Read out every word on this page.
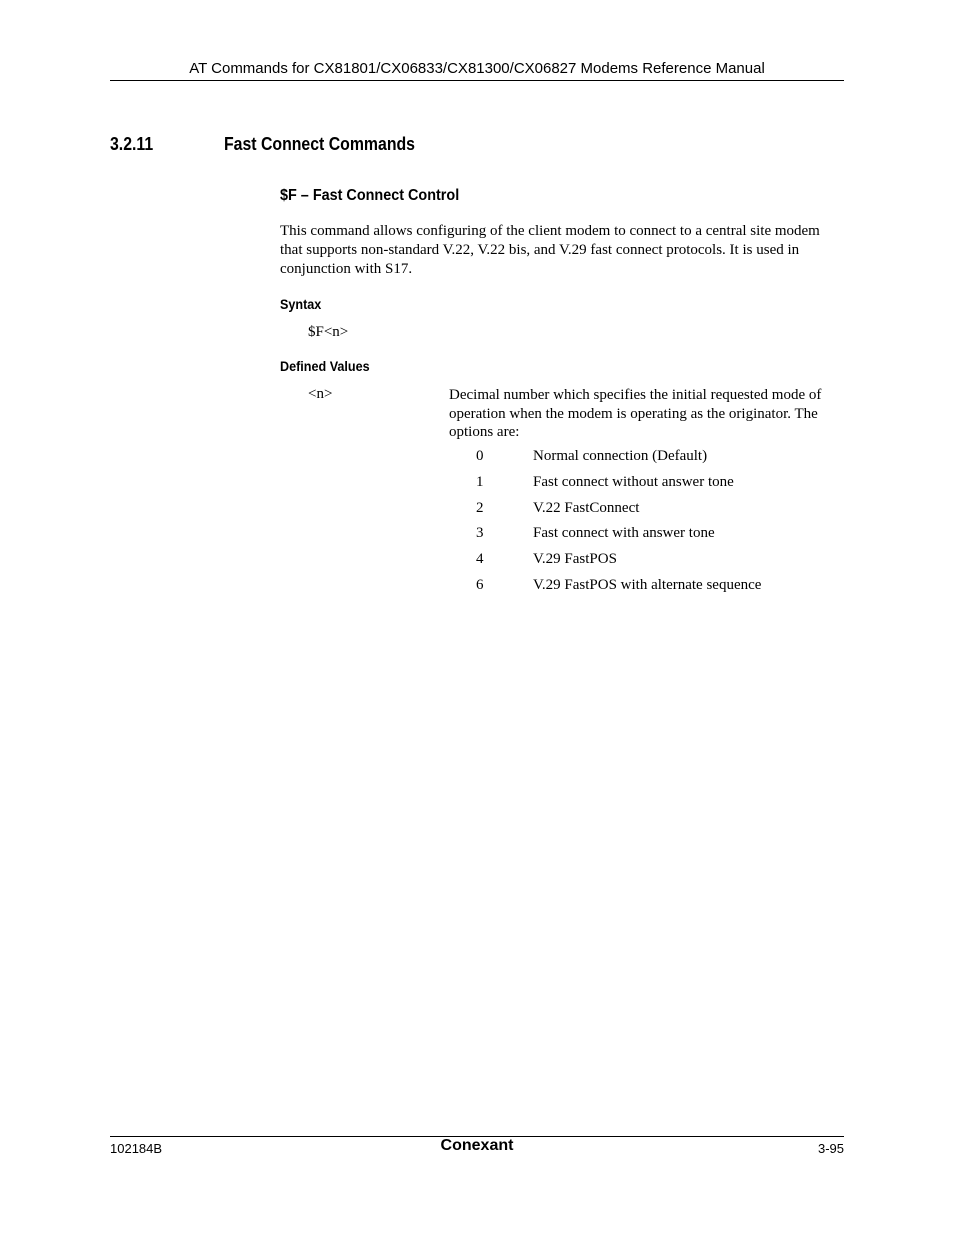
AT Commands for CX81801/CX06833/CX81300/CX06827 Modems Reference Manual
3.2.11	Fast Connect Commands
$F – Fast Connect Control

This command allows configuring of the client modem to connect to a central site modem that supports non-standard V.22, V.22 bis, and V.29 fast connect protocols. It is used in conjunction with S17.

Syntax
$F<n>
Defined Values
<n>	Decimal number which specifies the initial requested mode of operation when the modem is operating as the originator. The options are:

0	Normal connection (Default)
1	Fast connect without answer tone
2	V.22 FastConnect
3	Fast connect with answer tone
4	V.29 FastPOS
6	V.29 FastPOS with alternate sequence
102184B	Conexant	3-95
